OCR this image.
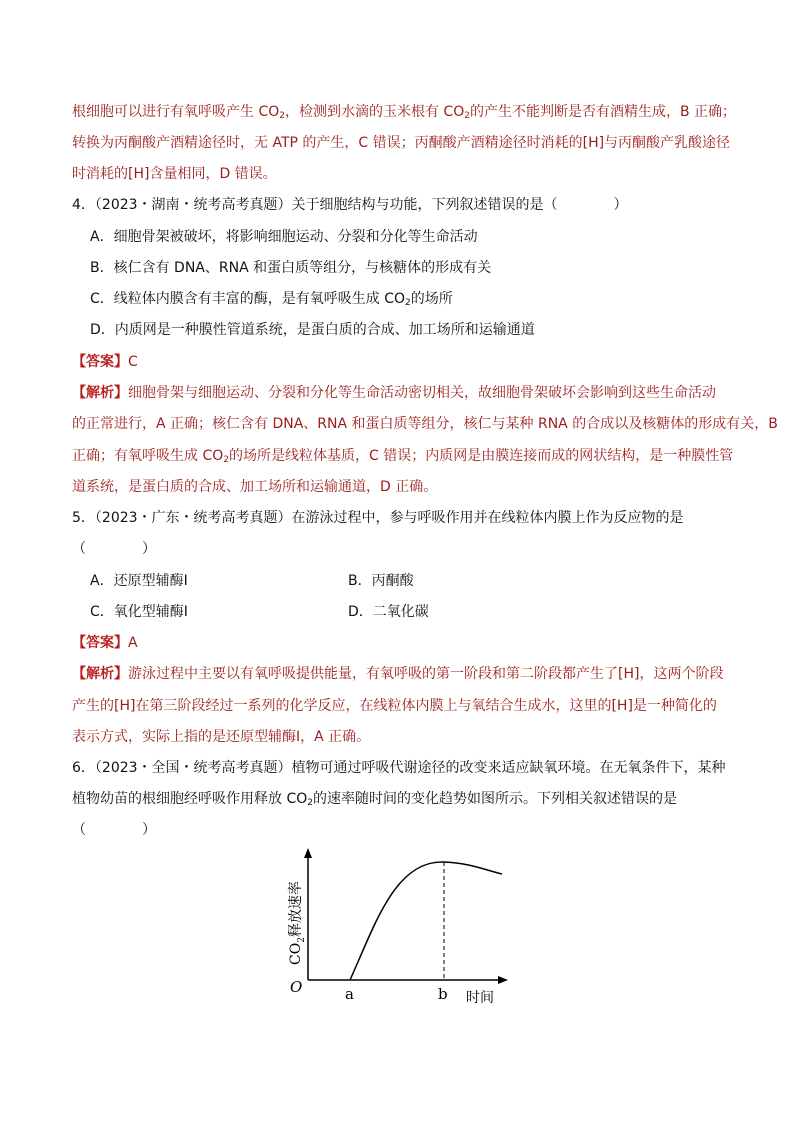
根细胞可以进行有氧呼吸产生 $CO_2$，检测到水滴的玉米根有 $CO_2$的产生不能判断是否有酒精生成，B 正确；
转换为丙酮酸产酒精途径时，无 ATP 的产生，C 错误；丙酮酸产酒精途径时消耗的[H]与丙酮酸产乳酸途径
时消耗的[H]含量相同，D 错误。
4．（2023・湖南・统考高考真题）关于细胞结构与功能，下列叙述错误的是（　　　　）
A．细胞骨架被破坏，将影响细胞运动、分裂和分化等生命活动
B．核仁含有 DNA、RNA 和蛋白质等组分，与核糖体的形成有关
C．线粒体内膜含有丰富的酶，是有氧呼吸生成 $CO_2$的场所
D．内质网是一种膜性管道系统，是蛋白质的合成、加工场所和运输通道
【答案】C
【解析】细胞骨架与细胞运动、分裂和分化等生命活动密切相关，故细胞骨架破坏会影响到这些生命活动
的正常进行，A 正确；核仁含有 DNA、RNA 和蛋白质等组分，核仁与某种 RNA 的合成以及核糖体的形成有关，B
正确；有氧呼吸生成 $CO_2$的场所是线粒体基质，C 错误；内质网是由膜连接而成的网状结构，是一种膜性管
道系统，是蛋白质的合成、加工场所和运输通道，D 正确。
5．（2023・广东・统考高考真题）在游泳过程中，参与呼吸作用并在线粒体内膜上作为反应物的是
（　　　　）
A．还原型辅酶Ⅰ	B．丙酮酸
C．氧化型辅酶Ⅰ	D．二氧化碳
【答案】A
【解析】游泳过程中主要以有氧呼吸提供能量，有氧呼吸的第一阶段和第二阶段都产生了[H]，这两个阶段
产生的[H]在第三阶段经过一系列的化学反应，在线粒体内膜上与氧结合生成水，这里的[H]是一种简化的
表示方式，实际上指的是还原型辅酶Ⅰ，A 正确。
6．（2023・全国・统考高考真题）植物可通过呼吸代谢途径的改变来适应缺氧环境。在无氧条件下，某种
植物幼苗的根细胞经呼吸作用释放 $CO_2$的速率随时间的变化趋势如图所示。下列相关叙述错误的是
（　　　　）
O	a	b 时间
$CO_2$释放速率
